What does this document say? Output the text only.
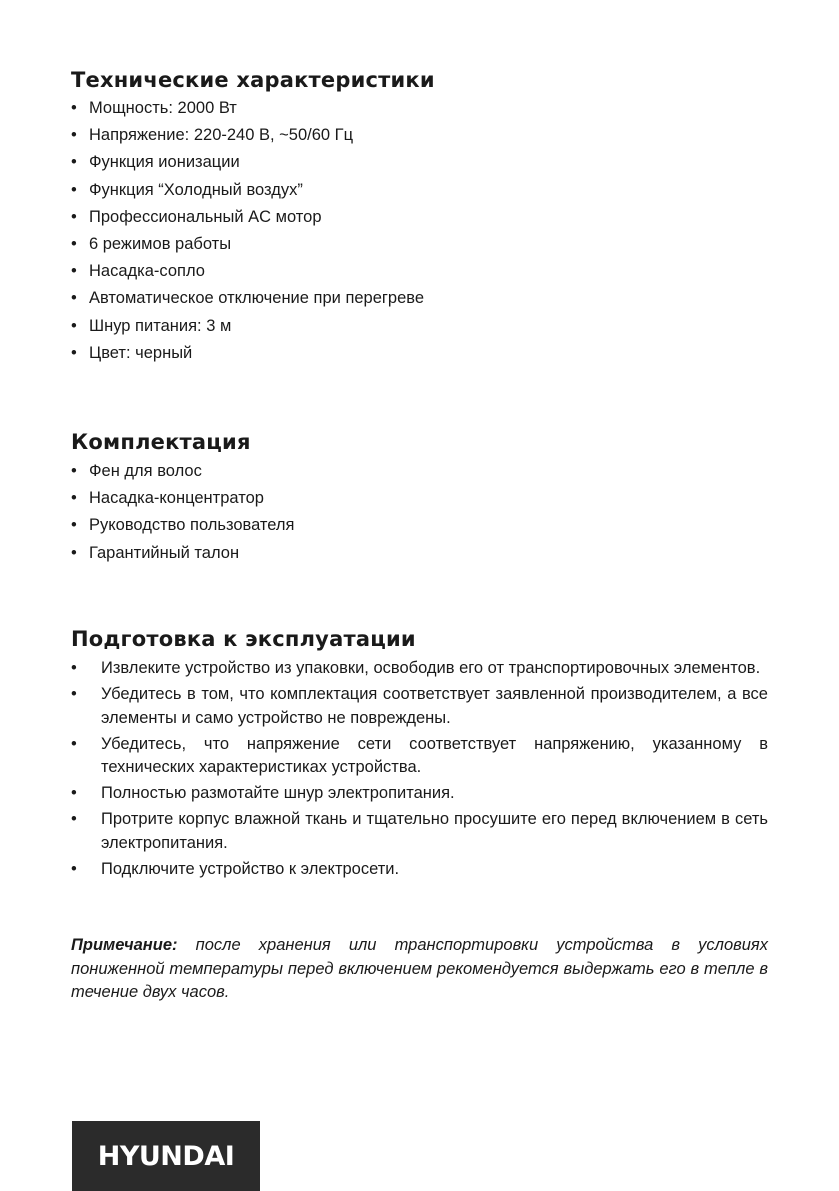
Технические характеристики
• Мощность: 2000 Вт
• Напряжение: 220-240 В, ~50/60 Гц
• Функция ионизации
• Функция “Холодный воздух”
• Профессиональный AC мотор
• 6 режимов работы
• Насадка-сопло
• Автоматическое отключение при перегреве
• Шнур питания: 3 м
• Цвет: черный
Комплектация
• Фен для волос
• Насадка-концентратор
• Руководство пользователя
• Гарантийный талон
Подготовка к эксплуатации
• Извлеките устройство из упаковки, освободив его от транспортировочных элементов.
• Убедитесь в том, что комплектация соответствует заявленной производителем, а все элементы и само устройство не повреждены.
• Убедитесь, что напряжение сети соответствует напряжению, указанному в технических характеристиках устройства.
• Полностью размотайте шнур электропитания.
• Протрите корпус влажной ткань и тщательно просушите его перед включением в сеть электропитания.
• Подключите устройство к электросети.

Примечание: после хранения или транспортировки устройства в условиях пониженной температуры перед включением рекомендуется выдержать его в тепле в течение двух часов.

HYUNDAI
